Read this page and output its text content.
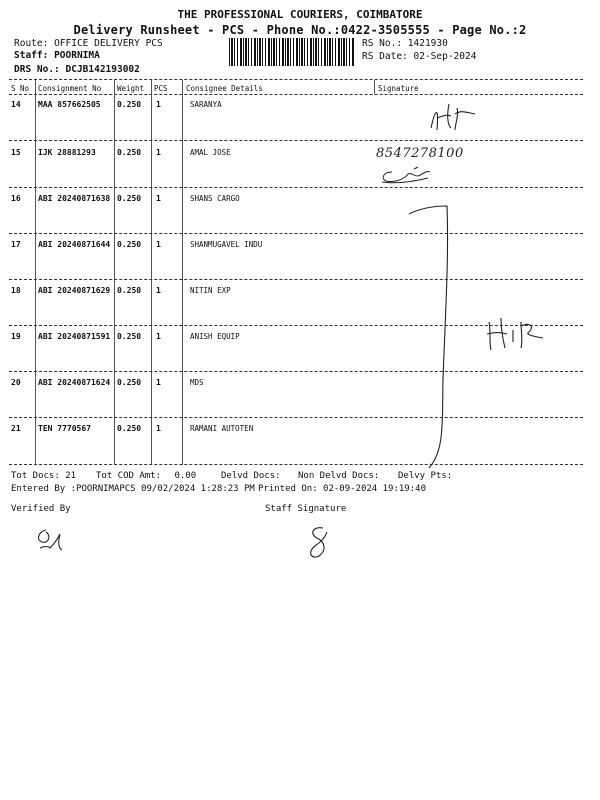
THE PROFESSIONAL COURIERS, COIMBATORE
Delivery Runsheet - PCS - Phone No.:0422-3505555 - Page No.:2
Route: OFFICE DELIVERY PCS
Staff: POORNIMA
DRS No.: DCJB142193002
RS No.: 1421930
RS Date: 02-Sep-2024
S No Consignment No Weight PCS Consignee Details	Signature
14 MAA 857662505 0.250 1	SARANYA
15 IJK 28881293	0.250 1	AMAL JOSE
16 ABI 20240871638 0.250 1	SHANS CARGO
17 ABI 20240871644 0.250 1	SHANMUGAVEL INDU
18 ABI 20240871629 0.250 1	NITIN EXP
19 ABI 20240871591 0.250 1	ANISH EQUIP
20 ABI 20240871624 0.250 1	MDS
21 TEN 7770567	0.250 1	RAMANI AUTOTEN
8547278100
Tot Docs: 21 Tot COD Amt: 0.00	Delvd Docs: Non Delvd Docs: Delvy Pts:
Entered By :POORNIMAPCS 09/02/2024 1:28:23 PM Printed On: 02-09-2024 19:19:40
Verified By	Staff Signature
